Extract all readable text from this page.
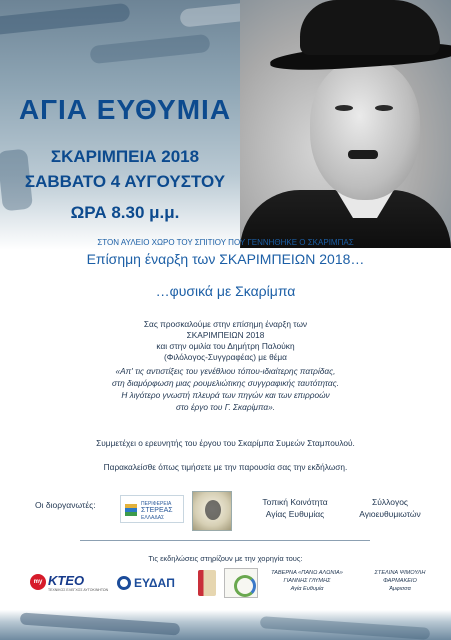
ΑΓΙΑ ΕΥΘΥΜΙΑ
ΣΚΑΡΙΜΠΕΙΑ 2018
ΣΑΒΒΑΤΟ 4 ΑΥΓΟΥΣΤΟΥ
ΩΡΑ 8.30 μ.μ.
ΣΤΟΝ ΑΥΛΕΙΟ ΧΩΡΟ ΤΟΥ ΣΠΙΤΙΟΥ ΠΟΥ ΓΕΝΝΗΘΗΚΕ Ο ΣΚΑΡΙΜΠΑΣ
Επίσημη έναρξη των ΣΚΑΡΙΜΠΕΙΩΝ 2018…
…φυσικά με Σκαρίμπα
Σας προσκαλούμε στην επίσημη έναρξη των
ΣΚΑΡΙΜΠΕΙΩΝ 2018
και στην ομιλία του Δημήτρη Παλούκη
(Φιλόλογος-Συγγραφέας) με θέμα
«Απ' τις αντιστίξεις του γενέθλιου τόπου-ιδιαίτερης πατρίδας,
στη διαμόρφωση μιας ρουμελιώτικης συγγραφικής ταυτότητας.
Η λιγότερο γνωστή πλευρά των πηγών και των επιρροών
στο έργο του Γ. Σκαρίμπα».
Συμμετέχει ο ερευνητής του έργου του Σκαρίμπα Συμεών Σταμπουλού.
Παρακαλείσθε όπως τιμήσετε με την παρουσία σας την εκδήλωση.
Οι διοργανωτές:	ΠΕΡΙΦΕΡΕΙΑ
ΣΤΕΡΕΑΣ
ΕΛΛΑΔΑΣ
Τοπική Κοινότητα
Αγίας Ευθυμίας
Σύλλογος
Αγιοευθυμιωτών
Τις εκδηλώσεις στηρίζουν με την χορηγία τους:
my ΚΤΕΟ
ΤΕΧΝΙΚΟΣ ΕΛΕΓΧΟΣ ΑΥΤΟΚΙΝΗΤΩΝ ΕΥΔΑΠ
ΤΑΒΕΡΝΑ «ΠΑΝΩ ΑΛΩΝΙΑ»
ΓΙΑΝΝΗΣ ΓΛΥΜΗΣ
Αγία Ευθυμία
ΣΤΕΛΙΝΑ ΨΙΜΟΥΛΗ
ΦΑΡΜΑΚΕΙΟ
Άμφισσα
